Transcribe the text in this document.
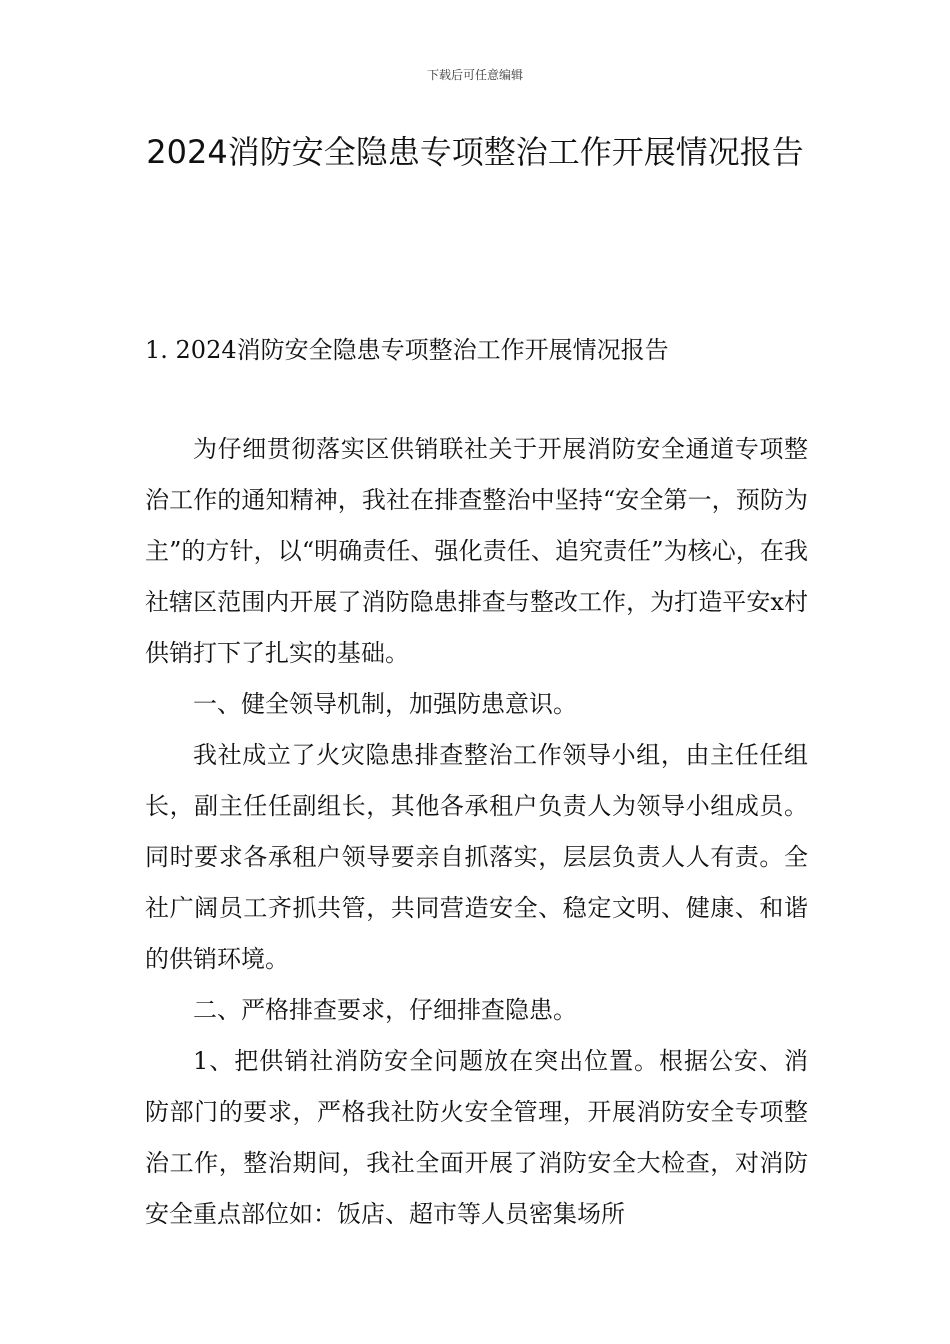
下载后可任意编辑
2024消防安全隐患专项整治工作开展情况报告
1. 2024消防安全隐患专项整治工作开展情况报告

为仔细贯彻落实区供销联社关于开展消防安全通道专项整治工作的通知精神，我社在排查整治中坚持“安全第一，预防为主”的方针，以“明确责任、强化责任、追究责任”为核心，在我社辖区范围内开展了消防隐患排查与整改工作，为打造平安x村供销打下了扎实的基础。

一、健全领导机制，加强防患意识。

我社成立了火灾隐患排查整治工作领导小组，由主任任组长，副主任任副组长，其他各承租户负责人为领导小组成员。同时要求各承租户领导要亲自抓落实，层层负责人人有责。全社广阔员工齐抓共管，共同营造安全、稳定文明、健康、和谐的供销环境。

二、严格排查要求，仔细排查隐患。

1、把供销社消防安全问题放在突出位置。根据公安、消防部门的要求，严格我社防火安全管理，开展消防安全专项整治工作，整治期间，我社全面开展了消防安全大检查，对消防安全重点部位如：饭店、超市等人员密集场所
